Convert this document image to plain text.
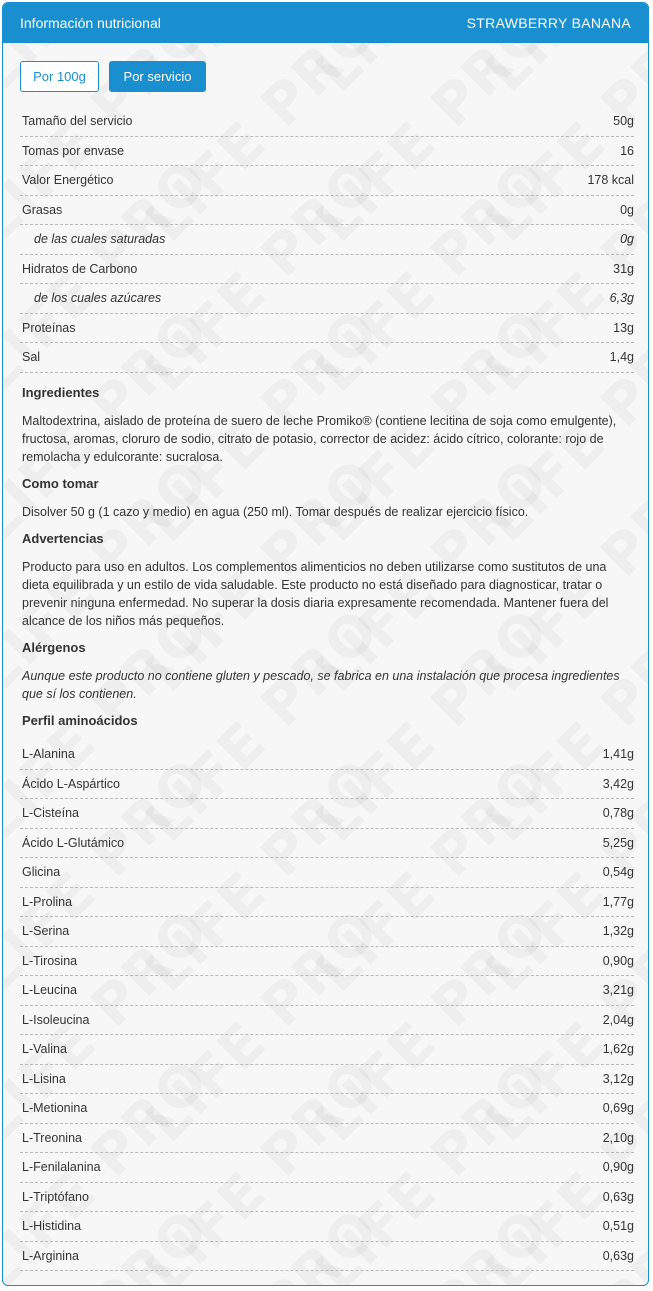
Información nutricional	STRAWBERRY BANANA
Por 100g	Por servicio
Tamaño del servicio	50g
Tomas por envase	16
Valor Energético	178 kcal
Grasas	0g
de las cuales saturadas	0g
Hidratos de Carbono	31g
de los cuales azúcares	6,3g
Proteínas	13g
Sal	1,4g
Ingredientes

Maltodextrina, aislado de proteína de suero de leche Promiko® (contiene lecitina de soja como emulgente), fructosa, aromas, cloruro de sodio, citrato de potasio, corrector de acidez: ácido cítrico, colorante: rojo de remolacha y edulcorante: sucralosa.

Como tomar

Disolver 50 g (1 cazo y medio) en agua (250 ml). Tomar después de realizar ejercicio físico.

Advertencias

Producto para uso en adultos. Los complementos alimenticios no deben utilizarse como sustitutos de una dieta equilibrada y un estilo de vida saludable. Este producto no está diseñado para diagnosticar, tratar o prevenir ninguna enfermedad. No superar la dosis diaria expresamente recomendada. Mantener fuera del alcance de los niños más pequeños.

Alérgenos

Aunque este producto no contiene gluten y pescado, se fabrica en una instalación que procesa ingredientes que sí los contienen.

Perfil aminoácidos
L-Alanina	1,41g
Ácido L-Aspártico	3,42g
L-Cisteína	0,78g
Ácido L-Glutámico	5,25g
Glicina	0,54g
L-Prolina	1,77g
L-Serina	1,32g
L-Tirosina	0,90g
L-Leucina	3,21g
L-Isoleucina	2,04g
L-Valina	1,62g
L-Lisina	3,12g
L-Metionina	0,69g
L-Treonina	2,10g
L-Fenilalanina	0,90g
L-Triptófano	0,63g
L-Histidina	0,51g
L-Arginina	0,63g
